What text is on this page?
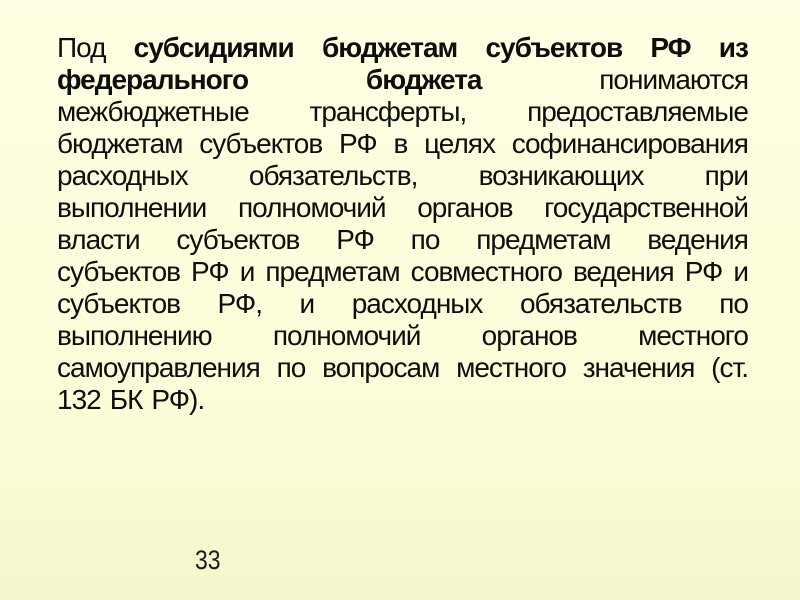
Под субсидиями бюджетам субъектов РФ из
федерального	бюджета	понимаются
межбюджетные трансферты, предоставляемые
бюджетам субъектов РФ в целях софинансирования
расходных обязательств, возникающих при
выполнении полномочий органов государственной
власти субъектов РФ по предметам ведения
субъектов РФ и предметам совместного ведения РФ и
субъектов РФ, и расходных обязательств по
выполнению полномочий органов местного
самоуправления по вопросам местного значения (ст.
132 БК РФ).
33
